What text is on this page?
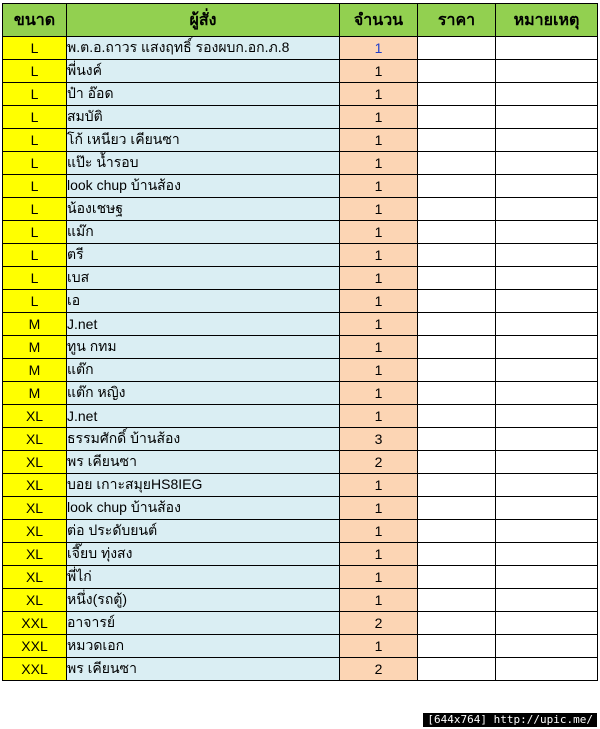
ขนาด	ผู้สั่ง	จำนวน	ราคา	หมายเหตุ
L	พ.ต.อ.ถาวร แสงฤทธิ์ รองผบก.อก.ภ.8	1		
L	พี่นงค์	1		
L	ป๋า อ๊อด	1		
L	สมบัติ	1		
L	โก้ เหนียว เคียนซา	1		
L	แป๊ะ น้ำรอบ	1		
L	look chup บ้านส้อง	1		
L	น้องเชษฐ	1		
L	แม๊ก	1		
L	ตรี	1		
L	เบส	1		
L	เอ	1		
M	J.net	1		
M	ทูน กทม	1		
M	แต๊ก	1		
M	แต๊ก หญิง	1		
XL	J.net	1		
XL	ธรรมศักดิ์ บ้านส้อง	3		
XL	พร เคียนซา	2		
XL	บอย เกาะสมุยHS8IEG	1		
XL	look chup บ้านส้อง	1		
XL	ต่อ ประดับยนต์	1		
XL	เจี๊ยบ ทุ่งสง	1		
XL	พี่ไก่	1		
XL	หนึ่ง(รถตู้)	1		
XXL	อาจารย์	2		
XXL	หมวดเอก	1		
XXL	พร เคียนซา	2		
[644x764] http://upic.me/
